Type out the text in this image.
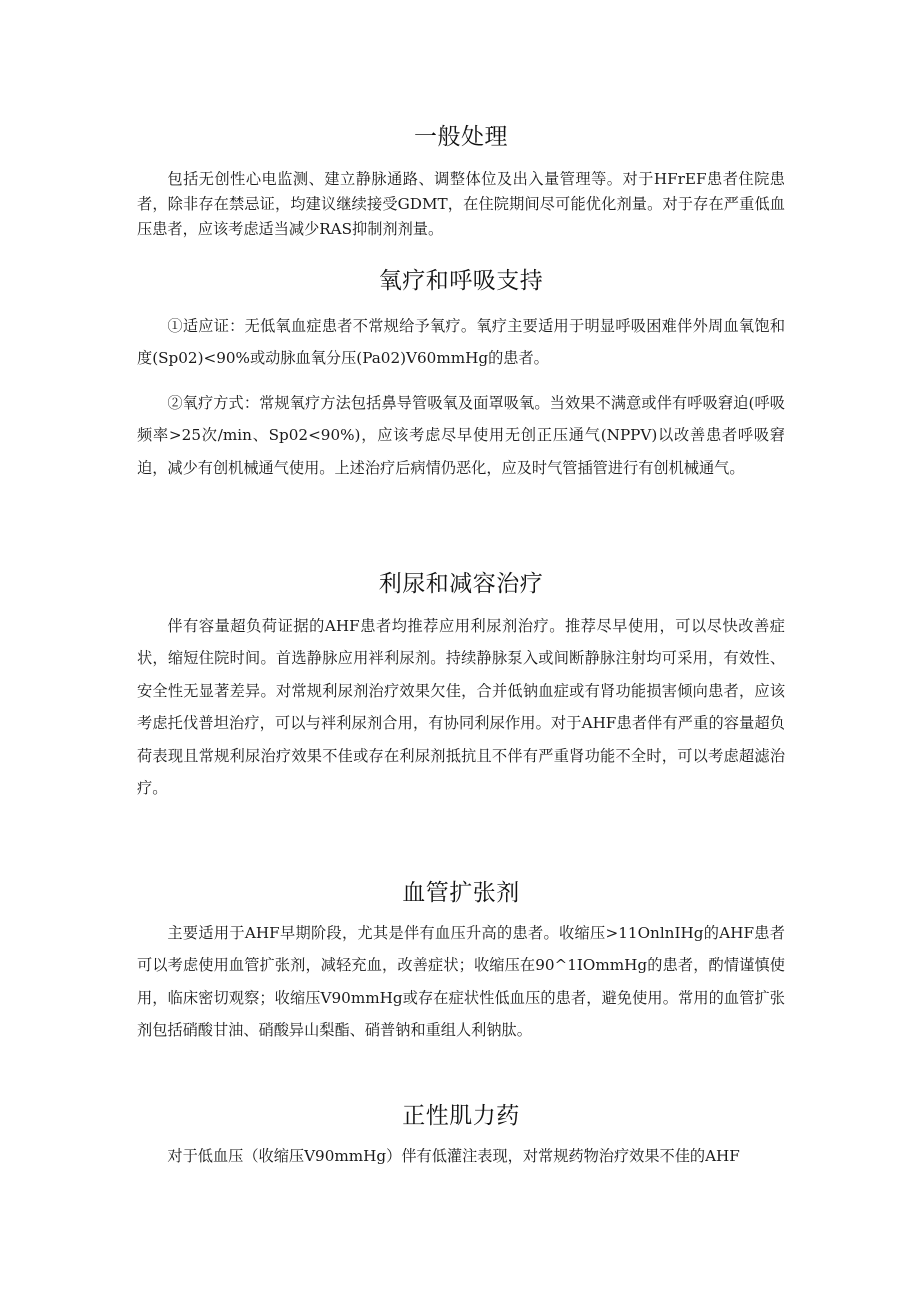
一般处理

包括无创性心电监测、建立静脉通路、调整体位及出入量管理等。对于HFrEF患者住院患者，除非存在禁忌证，均建议继续接受GDMT，在住院期间尽可能优化剂量。对于存在严重低血压患者，应该考虑适当减少RAS抑制剂剂量。

氧疗和呼吸支持

①适应证：无低氧血症患者不常规给予氧疗。氧疗主要适用于明显呼吸困难伴外周血氧饱和度(Sp02)<90%或动脉血氧分压(Pa02)V60mmHg的患者。

②氧疗方式：常规氧疗方法包括鼻导管吸氧及面罩吸氧。当效果不满意或伴有呼吸窘迫(呼吸频率>25次/min、Sp02<90%)，应该考虑尽早使用无创正压通气(NPPV)以改善患者呼吸窘迫，减少有创机械通气使用。上述治疗后病情仍恶化，应及时气管插管进行有创机械通气。

利尿和减容治疗

伴有容量超负荷证据的AHF患者均推荐应用利尿剂治疗。推荐尽早使用，可以尽快改善症状，缩短住院时间。首选静脉应用袢利尿剂。持续静脉泵入或间断静脉注射均可采用，有效性、安全性无显著差异。对常规利尿剂治疗效果欠佳，合并低钠血症或有肾功能损害倾向患者，应该考虑托伐普坦治疗，可以与袢利尿剂合用，有协同利尿作用。对于AHF患者伴有严重的容量超负荷表现且常规利尿治疗效果不佳或存在利尿剂抵抗且不伴有严重肾功能不全时，可以考虑超滤治疗。

血管扩张剂

主要适用于AHF早期阶段，尤其是伴有血压升高的患者。收缩压>11OnlnIHg的AHF患者可以考虑使用血管扩张剂，减轻充血，改善症状；收缩压在90^1IOmmHg的患者，酌情谨慎使用，临床密切观察；收缩压V90mmHg或存在症状性低血压的患者，避免使用。常用的血管扩张剂包括硝酸甘油、硝酸异山梨酯、硝普钠和重组人利钠肽。

正性肌力药

对于低血压（收缩压V90mmHg）伴有低灌注表现，对常规药物治疗效果不佳的AHF
